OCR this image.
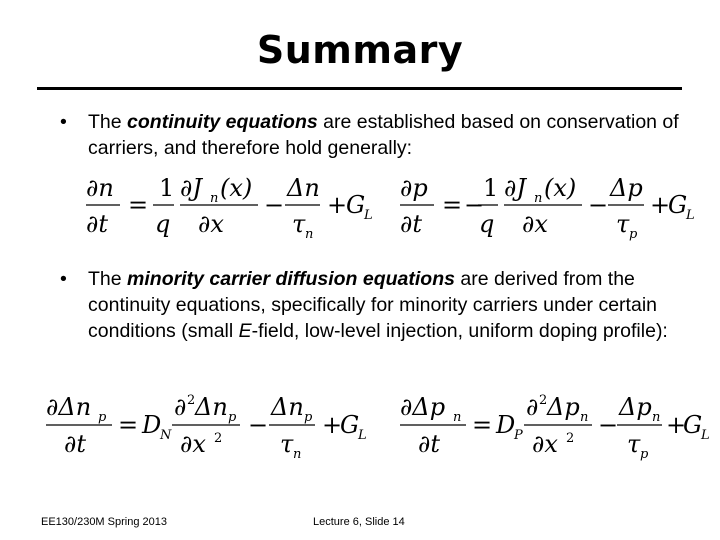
Summary
• The continuity equations are established based on conservation of carriers, and therefore hold generally:
∂n
∂t
=
1
q
∂J n (x)
∂x
−
Δn
τ n
+
G
L
∂p
∂t
= −
1
q
∂J n (x)
∂x
−
Δp
τ p
+
G
L
• The minority carrier diffusion equations are derived from the continuity equations, specifically for minority carriers under certain conditions (small E-field, low-level injection, uniform doping profile):
∂Δn p
∂t
= D
N
∂ 2 Δn p
∂x 2 −
Δn p
τ n
+
G
L
∂Δp n
∂t
= D
P
∂ 2 Δp n
∂x 2 −
Δp n
τ p
+
G
L
EE130/230M Spring 2013	Lecture 6, Slide 14
